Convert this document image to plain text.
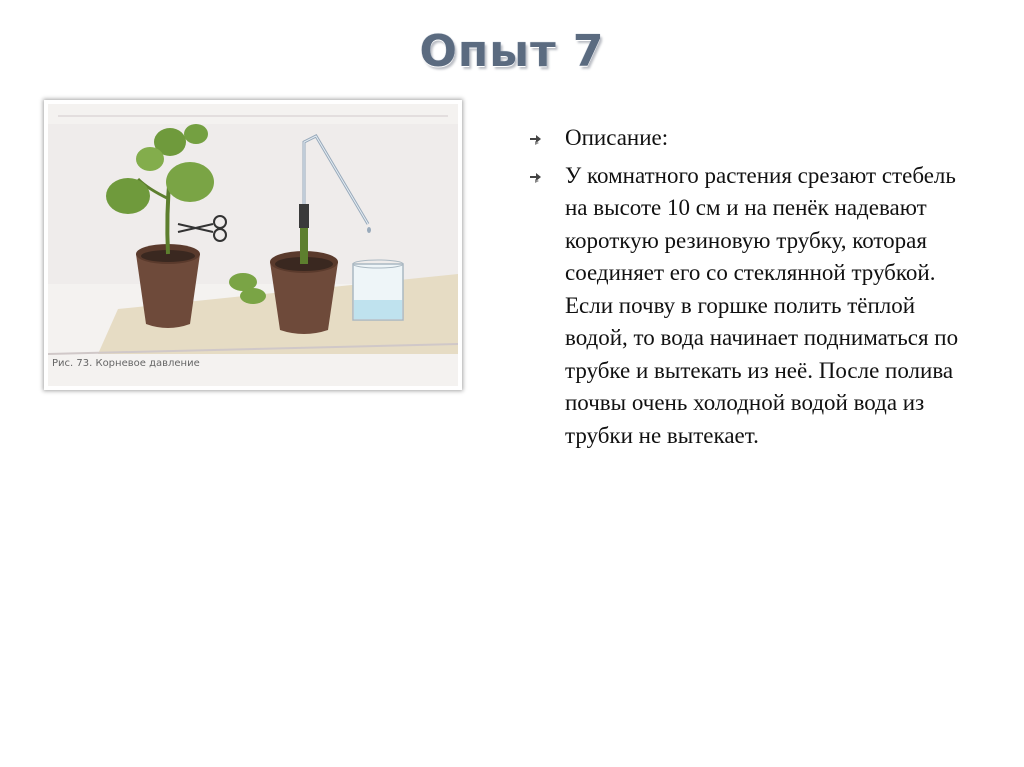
Опыт 7
Рис. 73. Корневое давление
Описание:
У комнатного растения срезают стебель на высоте 10 см и на пенёк надевают короткую резиновую трубку, которая соединяет его со стеклянной трубкой. Если почву в горшке полить тёплой водой, то вода начинает подниматься по трубке и вытекать из неё. После полива почвы очень холодной водой вода из трубки не вытекает.
